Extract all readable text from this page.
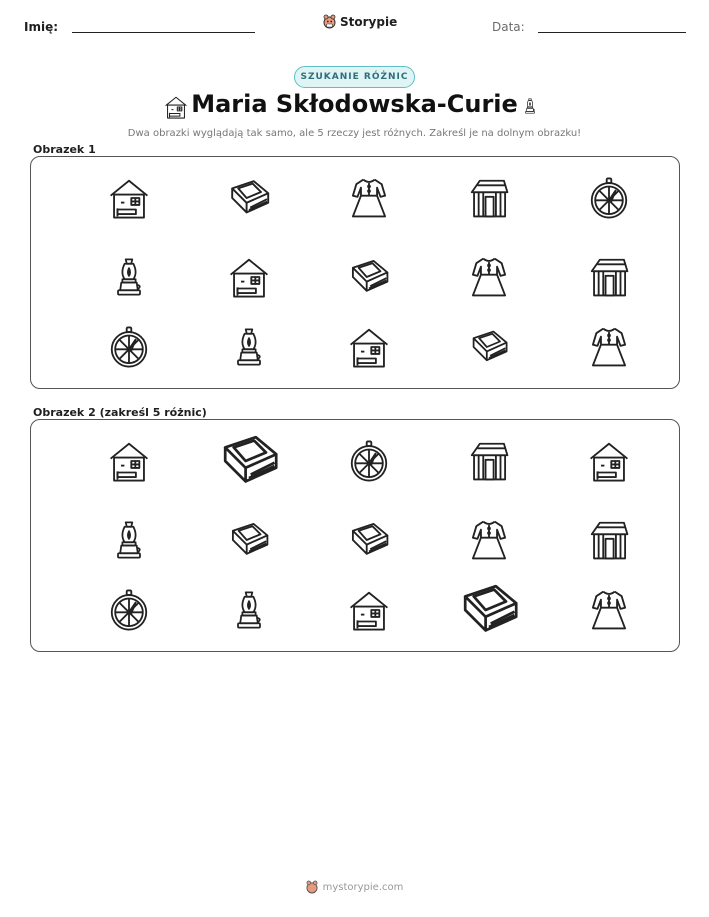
Imię:	Storypie	Data:
SZUKANIE RÓŻNIC
Maria Skłodowska-Curie
Dwa obrazki wyglądają tak samo, ale 5 rzeczy jest różnych. Zakreśl je na dolnym obrazku!
Obrazek 1
Obrazek 2 (zakreśl 5 różnic)
mystorypie.com
